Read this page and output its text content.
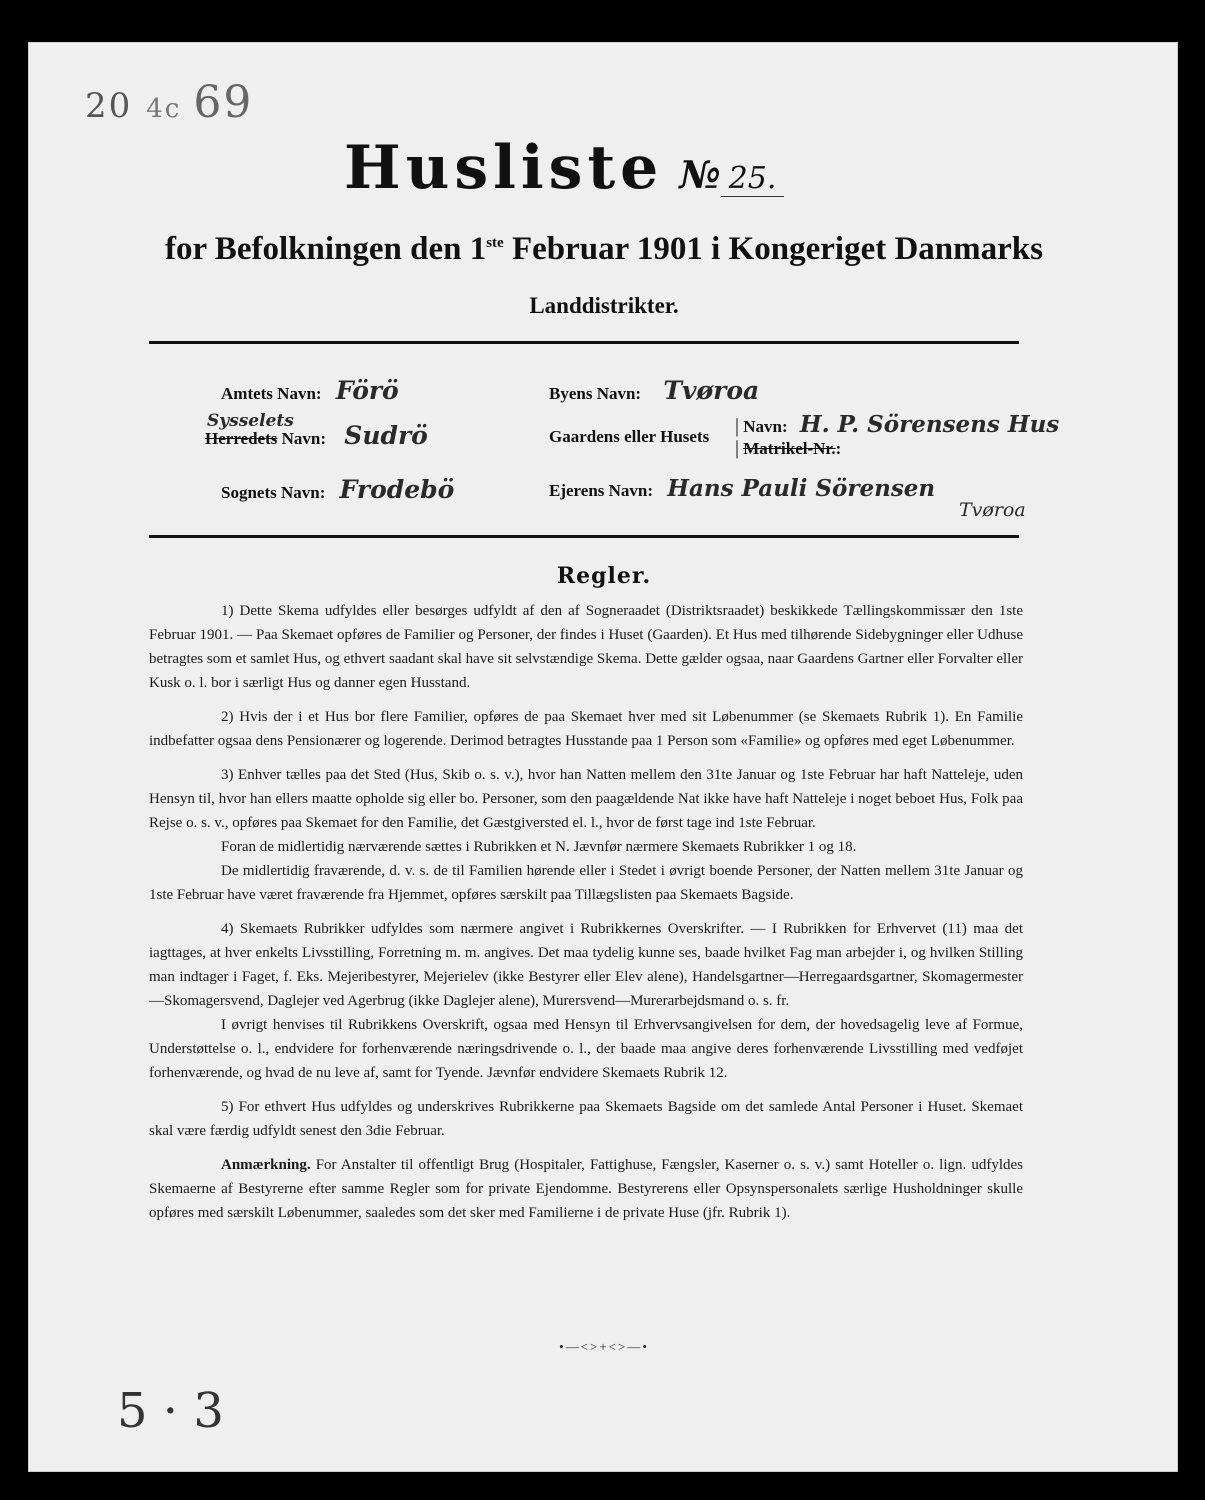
20 4c 69
Husliste № 25.
for Befolkningen den 1ste Februar 1901 i Kongeriget Danmarks
Landdistrikter.
Amtets Navn: Förö
Sysselets
Herredets Navn: Sudrö
Sognets Navn: Frodebö
Byens Navn: Tvøroa
Gaardens eller Husets | Navn: H. P. Sörensens Hus
| Matrikel-Nr.:
Ejerens Navn: Hans Pauli Sörensen
Tvøroa
Regler.

1) Dette Skema udfyldes eller besørges udfyldt af den af Sogneraadet (Distriktsraadet) beskikkede Tællingskommissær den 1ste Februar 1901. — Paa Skemaet opføres de Familier og Personer, der findes i Huset (Gaarden). Et Hus med tilhørende Sidebygninger eller Udhuse betragtes som et samlet Hus, og ethvert saadant skal have sit selvstændige Skema. Dette gælder ogsaa, naar Gaardens Gartner eller Forvalter eller Kusk o. l. bor i særligt Hus og danner egen Husstand.

2) Hvis der i et Hus bor flere Familier, opføres de paa Skemaet hver med sit Løbenummer (se Skemaets Rubrik 1). En Familie indbefatter ogsaa dens Pensionærer og logerende. Derimod betragtes Husstande paa 1 Person som «Familie» og opføres med eget Løbenummer.

3) Enhver tælles paa det Sted (Hus, Skib o. s. v.), hvor han Natten mellem den 31te Januar og 1ste Februar har haft Natteleje, uden Hensyn til, hvor han ellers maatte opholde sig eller bo. Personer, som den paagældende Nat ikke have haft Natteleje i noget beboet Hus, Folk paa Rejse o. s. v., opføres paa Skemaet for den Familie, det Gæstgiversted el. l., hvor de først tage ind 1ste Februar.

Foran de midlertidig nærværende sættes i Rubrikken et N. Jævnfør nærmere Skemaets Rubrikker 1 og 18.

De midlertidig fraværende, d. v. s. de til Familien hørende eller i Stedet i øvrigt boende Personer, der Natten mellem 31te Januar og 1ste Februar have været fraværende fra Hjemmet, opføres særskilt paa Tillægslisten paa Skemaets Bagside.

4) Skemaets Rubrikker udfyldes som nærmere angivet i Rubrikkernes Overskrifter. — I Rubrikken for Erhvervet (11) maa det iagttages, at hver enkelts Livsstilling, Forretning m. m. angives. Det maa tydelig kunne ses, baade hvilket Fag man arbejder i, og hvilken Stilling man indtager i Faget, f. Eks. Mejeribestyrer, Mejerielev (ikke Bestyrer eller Elev alene), Handelsgartner—Herregaardsgartner, Skomagermester—Skomagersvend, Daglejer ved Agerbrug (ikke Daglejer alene), Murersvend—Murerarbejdsmand o. s. fr.

I øvrigt henvises til Rubrikkens Overskrift, ogsaa med Hensyn til Erhvervsangivelsen for dem, der hovedsagelig leve af Formue, Understøttelse o. l., endvidere for forhenværende næringsdrivende o. l., der baade maa angive deres forhenværende Livsstilling med vedføjet forhenværende, og hvad de nu leve af, samt for Tyende. Jævnfør endvidere Skemaets Rubrik 12.

5) For ethvert Hus udfyldes og underskrives Rubrikkerne paa Skemaets Bagside om det samlede Antal Personer i Huset. Skemaet skal være færdig udfyldt senest den 3die Februar.

Anmærkning. For Anstalter til offentligt Brug (Hospitaler, Fattighuse, Fængsler, Kaserner o. s. v.) samt Hoteller o. lign. udfyldes Skemaerne af Bestyrerne efter samme Regler som for private Ejendomme. Bestyrerens eller Opsynspersonalets særlige Husholdninger skulle opføres med særskilt Løbenummer, saaledes som det sker med Familierne i de private Huse (jfr. Rubrik 1).

•—<>+<>—•
5 · 3
